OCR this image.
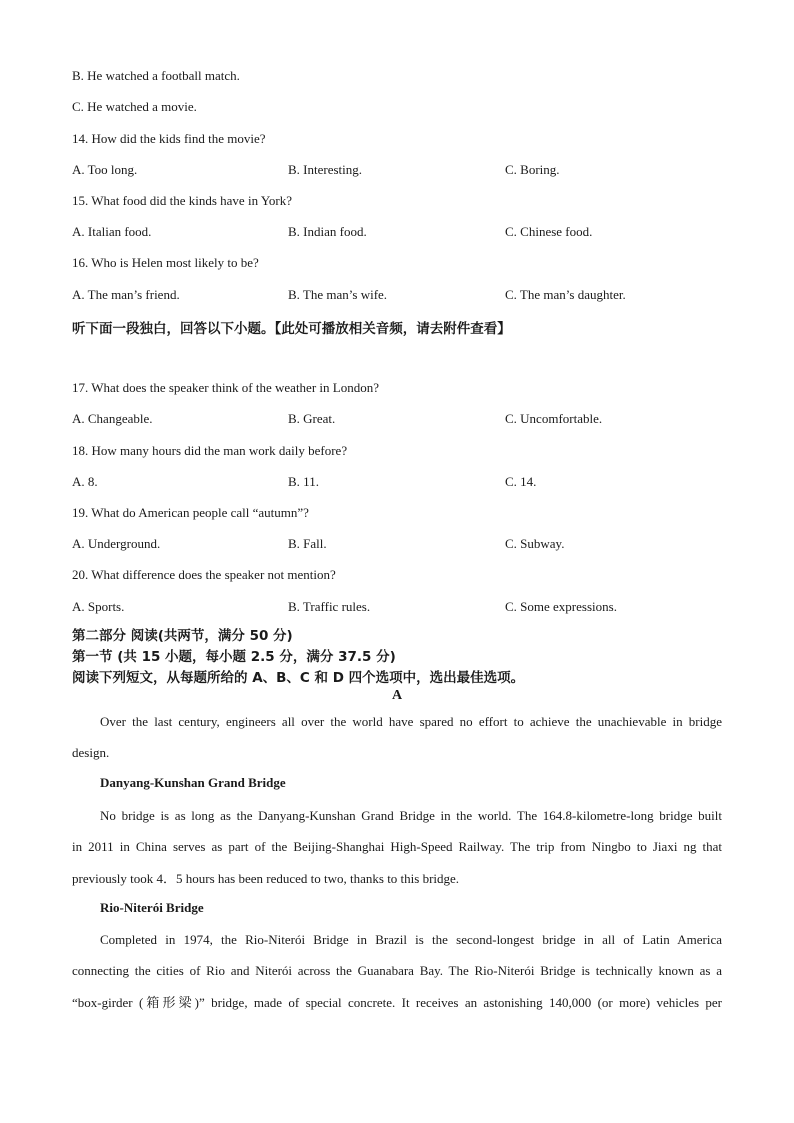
B. He watched a football match.
C. He watched a movie.
14. How did the kids find the movie?
A. Too long.	B. Interesting.	C. Boring.
15. What food did the kinds have in York?
A. Italian food.	B. Indian food.	C. Chinese food.
16. Who is Helen most likely to be?
A. The man’s friend.	B. The man’s wife.	C. The man’s daughter.
听下面一段独白，回答以下小题。【此处可播放相关音频，请去附件查看】
17. What does the speaker think of the weather in London?
A. Changeable.	B. Great.	C. Uncomfortable.
18. How many hours did the man work daily before?
A. 8.	B. 11.	C. 14.
19. What do American people call “autumn”?
A. Underground.	B. Fall.	C. Subway.
20. What difference does the speaker not mention?
A. Sports.	B. Traffic rules.	C. Some expressions.
第二部分 阅读(共两节，满分 50 分)
第一节 (共 15 小题，每小题 2.5 分，满分 37.5 分)
阅读下列短文，从每题所给的 A、B、C 和 D 四个选项中，选出最佳选项。
A
Over the last century, engineers all over the world have spared no effort to achieve the unachievable in bridge
design.
Danyang-Kunshan Grand Bridge
No bridge is as long as the Danyang-Kunshan Grand Bridge in the world. The 164.8-kilometre-long bridge built
in 2011 in China serves as part of the Beijing-Shanghai High-Speed Railway. The trip from Ningbo to Jiaxi ng that
previously took 4．5 hours has been reduced to two, thanks to this bridge.
Rio-Niterói Bridge
Completed in 1974, the Rio-Niterói Bridge in Brazil is the second-longest bridge in all of Latin America
connecting the cities of Rio and Niterói across the Guanabara Bay. The Rio-Niterói Bridge is technically known as a
“box-girder (箱形梁)” bridge, made of special concrete. It receives an astonishing 140,000 (or more) vehicles per
